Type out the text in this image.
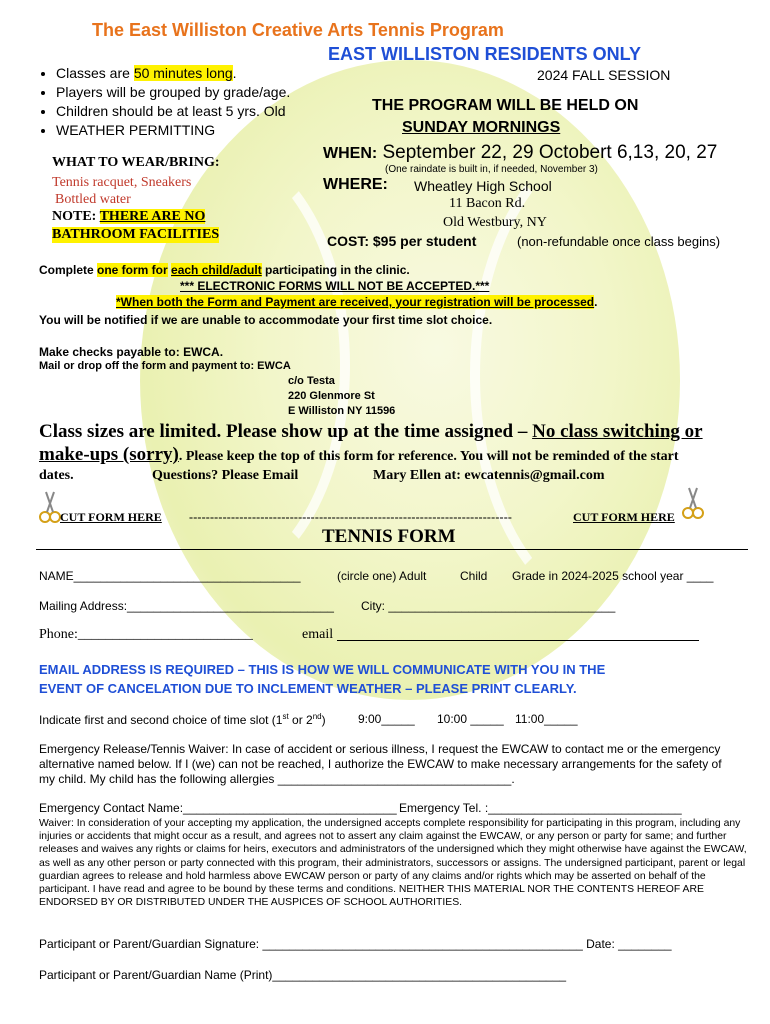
The East Williston Creative Arts Tennis Program
EAST WILLISTON RESIDENTS ONLY
2024 FALL SESSION
• Classes are 50 minutes long.
• Players will be grouped by grade/age.
• Children should be at least 5 yrs. Old
• WEATHER PERMITTING
WHAT TO WEAR/BRING:
Tennis racquet, Sneakers
Bottled water
NOTE: THERE ARE NO
BATHROOM FACILITIES
THE PROGRAM WILL BE HELD ON
SUNDAY MORNINGS
WHEN: September 22, 29 Octobert 6,13, 20, 27
(One raindate is built in, if needed, November 3)
WHERE: Wheatley High School
11 Bacon Rd.
Old Westbury, NY
COST: $95 per student	(non-refundable once class begins)
Complete one form for each child/adult participating in the clinic.
*** ELECTRONIC FORMS WILL NOT BE ACCEPTED.***
*When both the Form and Payment are received, your registration will be processed.
You will be notified if we are unable to accommodate your first time slot choice.
Make checks payable to: EWCA.
Mail or drop off the form and payment to: EWCA
c/o Testa
220 Glenmore St
E Williston NY 11596
Class sizes are limited. Please show up at the time assigned – No class switching or
make-ups (sorry). Please keep the top of this form for reference. You will not be reminded of the start
dates.	Questions? Please Email	Mary Ellen at: ewcatennis@gmail.com
CUT FORM HERE -----------------------------------------------------------------------------	CUT FORM HERE
TENNIS FORM
NAME__________________________________	(circle one) Adult	Child Grade in 2024-2025 school year ____
Mailing Address:_______________________________ City: __________________________________
Phone:_________________________	email
EMAIL ADDRESS IS REQUIRED – THIS IS HOW WE WILL COMMUNICATE WITH YOU IN THE
EVENT OF CANCELATION DUE TO INCLEMENT WEATHER – PLEASE PRINT CLEARLY.
Indicate first and second choice of time slot (1st or 2nd)	9:00_____ 10:00 _____ 11:00_____
Emergency Release/Tennis Waiver: In case of accident or serious illness, I request the EWCAW to contact me or the emergency alternative named below. If I (we) can not be reached, I authorize the EWCAW to make necessary arrangements for the safety of my child. My child has the following allergies ___________________________________.
Emergency Contact Name:________________________________ Emergency Tel. :_____________________________
Waiver: In consideration of your accepting my application, the undersigned accepts complete responsibility for participating in this program, including any injuries or accidents that might occur as a result, and agrees not to assert any claim against the EWCAW, or any person or party for same; and further releases and waives any rights or claims for heirs, executors and administrators of the undersigned which they might otherwise have against the EWCAW, as well as any other person or party connected with this program, their administrators, successors or assigns. The undersigned participant, parent or legal guardian agrees to release and hold harmless above EWCAW person or party of any claims and/or rights which may be asserted on behalf of the participant. I have read and agree to be bound by these terms and conditions. NEITHER THIS MATERIAL NOR THE CONTENTS HEREOF ARE ENDORSED BY OR DISTRIBUTED UNDER THE AUSPICES OF SCHOOL AUTHORITIES.
Participant or Parent/Guardian Signature: ________________________________________________ Date: ________
Participant or Parent/Guardian Name (Print)____________________________________________
